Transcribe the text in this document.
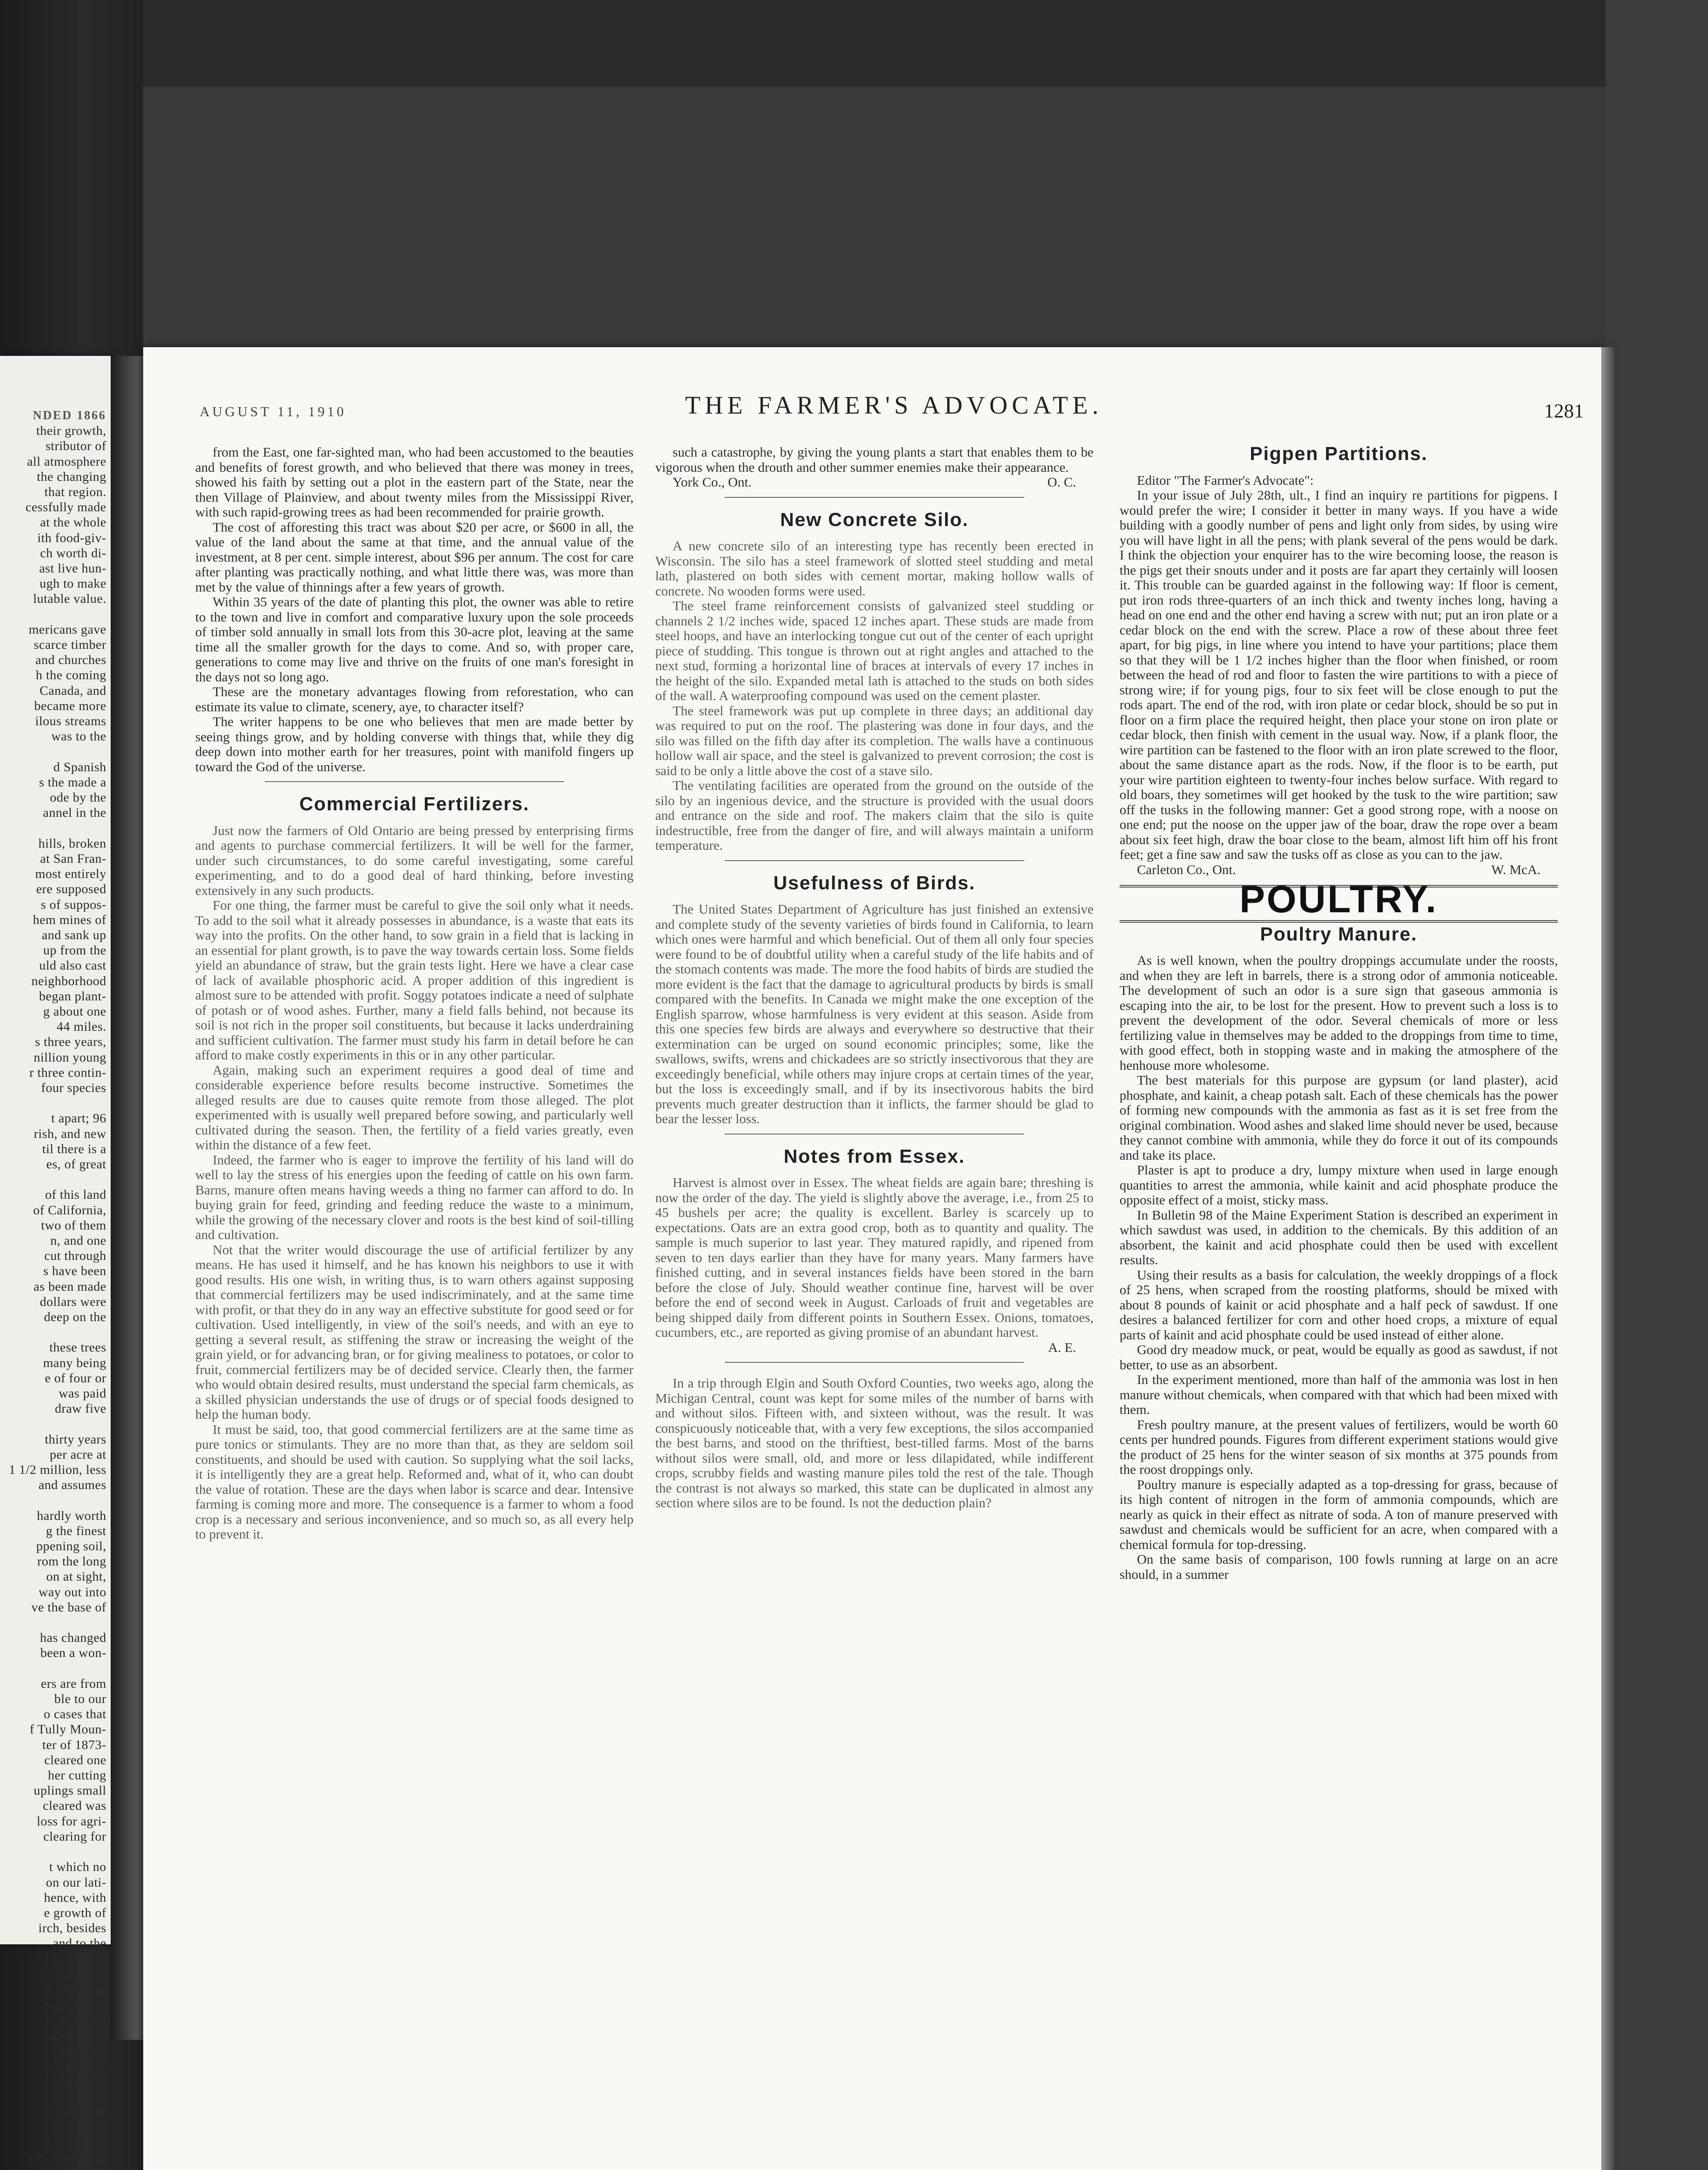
NDED 1866
their growth,
stributor of
all atmosphere
the changing
that region.
cessfully made
at the whole
ith food-giv-
ch worth di-
ast live hun-
ugh to make
lutable value.

mericans gave
scarce timber
and churches
h the coming
Canada, and
became more
ilous streams
was to the

d Spanish
s the made a
ode by the
annel in the

hills, broken
at San Fran-
most entirely
ere supposed
s of suppos-
hem mines of
and sank up
up from the
uld also cast
neighborhood
began plant-
g about one
44 miles.
s three years,
nillion young
r three contin-
four species

t apart; 96
rish, and new
til there is a
es, of great

of this land
of California,
two of them
n, and one
cut through
s have been
as been made
dollars were
deep on the

these trees
many being
e of four or
was paid
draw five

thirty years
per acre at
1 1/2 million, less
and assumes

hardly worth
g the finest
ppening soil,
rom the long
on at sight,
way out into
ve the base of

has changed
been a won-

ers are from
ble to our
o cases that
f Tully Moun-
ter of 1873-
cleared one
her cutting
uplings small
cleared was
loss for agri-
clearing for

t which no
on our lati-
hence, with
e growth of
irch, besides
and to the

no cares, in
s of timber
wees in the
er reserved
ures on an
escovall
s, had been
re from the

n good im-

grow oak of
rom mountains
AUGUST 11, 1910	THE FARMER'S ADVOCATE.	1281

from the East, one far-sighted man, who had been accustomed to the beauties and benefits of forest growth, and who believed that there was money in trees, showed his faith by setting out a plot in the eastern part of the State, near the then Village of Plainview, and about twenty miles from the Mississippi River, with such rapid-growing trees as had been recommended for prairie growth.

The cost of afforesting this tract was about $20 per acre, or $600 in all, the value of the land about the same at that time, and the annual value of the investment, at 8 per cent. simple interest, about $96 per annum. The cost for care after planting was practically nothing, and what little there was, was more than met by the value of thinnings after a few years of growth.

Within 35 years of the date of planting this plot, the owner was able to retire to the town and live in comfort and comparative luxury upon the sole proceeds of timber sold annually in small lots from this 30-acre plot, leaving at the same time all the smaller growth for the days to come. And so, with proper care, generations to come may live and thrive on the fruits of one man's foresight in the days not so long ago.

These are the monetary advantages flowing from reforestation, who can estimate its value to climate, scenery, aye, to character itself?

The writer happens to be one who believes that men are made better by seeing things grow, and by holding converse with things that, while they dig deep down into mother earth for her treasures, point with manifold fingers up toward the God of the universe.

Commercial Fertilizers.

Just now the farmers of Old Ontario are being pressed by enterprising firms and agents to purchase commercial fertilizers. It will be well for the farmer, under such circumstances, to do some careful investigating, some careful experimenting, and to do a good deal of hard thinking, before investing extensively in any such products.

For one thing, the farmer must be careful to give the soil only what it needs. To add to the soil what it already possesses in abundance, is a waste that eats its way into the profits. On the other hand, to sow grain in a field that is lacking in an essential for plant growth, is to pave the way towards certain loss. Some fields yield an abundance of straw, but the grain tests light. Here we have a clear case of lack of available phosphoric acid. A proper addition of this ingredient is almost sure to be attended with profit. Soggy potatoes indicate a need of sulphate of potash or of wood ashes. Further, many a field falls behind, not because its soil is not rich in the proper soil constituents, but because it lacks underdraining and sufficient cultivation. The farmer must study his farm in detail before he can afford to make costly experiments in this or in any other particular.

Again, making such an experiment requires a good deal of time and considerable experience before results become instructive. Sometimes the alleged results are due to causes quite remote from those alleged. The plot experimented with is usually well prepared before sowing, and particularly well cultivated during the season. Then, the fertility of a field varies greatly, even within the distance of a few feet.

Indeed, the farmer who is eager to improve the fertility of his land will do well to lay the stress of his energies upon the feeding of cattle on his own farm. Barns, manure often means having weeds a thing no farmer can afford to do. In buying grain for feed, grinding and feeding reduce the waste to a minimum, while the growing of the necessary clover and roots is the best kind of soil-tilling and cultivation.

Not that the writer would discourage the use of artificial fertilizer by any means. He has used it himself, and he has known his neighbors to use it with good results. His one wish, in writing thus, is to warn others against supposing that commercial fertilizers may be used indiscriminately, and at the same time with profit, or that they do in any way an effective substitute for good seed or for cultivation. Used intelligently, in view of the soil's needs, and with an eye to getting a several result, as stiffening the straw or increasing the weight of the grain yield, or for advancing bran, or for giving mealiness to potatoes, or color to fruit, commercial fertilizers may be of decided service. Clearly then, the farmer who would obtain desired results, must understand the special farm chemicals, as a skilled physician understands the use of drugs or of special foods designed to help the human body.

It must be said, too, that good commercial fertilizers are at the same time as pure tonics or stimulants. They are no more than that, as they are seldom soil constituents, and should be used with caution. So supplying what the soil lacks, it is intelligently they are a great help. Reformed and, what of it, who can doubt the value of rotation. These are the days when labor is scarce and dear. Intensive farming is coming more and more. The consequence is a farmer to whom a food crop is a necessary and serious inconvenience, and so much so, as all every help to prevent it.

such a catastrophe, by giving the young plants a start that enables them to be vigorous when the drouth and other summer enemies make their appearance.

York Co., Ont.	O. C.

New Concrete Silo.

A new concrete silo of an interesting type has recently been erected in Wisconsin. The silo has a steel framework of slotted steel studding and metal lath, plastered on both sides with cement mortar, making hollow walls of concrete. No wooden forms were used.

The steel frame reinforcement consists of galvanized steel studding or channels 2 1/2 inches wide, spaced 12 inches apart. These studs are made from steel hoops, and have an interlocking tongue cut out of the center of each upright piece of studding. This tongue is thrown out at right angles and attached to the next stud, forming a horizontal line of braces at intervals of every 17 inches in the height of the silo. Expanded metal lath is attached to the studs on both sides of the wall. A waterproofing compound was used on the cement plaster.

The steel framework was put up complete in three days; an additional day was required to put on the roof. The plastering was done in four days, and the silo was filled on the fifth day after its completion. The walls have a continuous hollow wall air space, and the steel is galvanized to prevent corrosion; the cost is said to be only a little above the cost of a stave silo.

The ventilating facilities are operated from the ground on the outside of the silo by an ingenious device, and the structure is provided with the usual doors and entrance on the side and roof. The makers claim that the silo is quite indestructible, free from the danger of fire, and will always maintain a uniform temperature.

Usefulness of Birds.

The United States Department of Agriculture has just finished an extensive and complete study of the seventy varieties of birds found in California, to learn which ones were harmful and which beneficial. Out of them all only four species were found to be of doubtful utility when a careful study of the life habits and of the stomach contents was made. The more the food habits of birds are studied the more evident is the fact that the damage to agricultural products by birds is small compared with the benefits. In Canada we might make the one exception of the English sparrow, whose harmfulness is very evident at this season. Aside from this one species few birds are always and everywhere so destructive that their extermination can be urged on sound economic principles; some, like the swallows, swifts, wrens and chickadees are so strictly insectivorous that they are exceedingly beneficial, while others may injure crops at certain times of the year, but the loss is exceedingly small, and if by its insectivorous habits the bird prevents much greater destruction than it inflicts, the farmer should be glad to bear the lesser loss.

Notes from Essex.

Harvest is almost over in Essex. The wheat fields are again bare; threshing is now the order of the day. The yield is slightly above the average, i.e., from 25 to 45 bushels per acre; the quality is excellent. Barley is scarcely up to expectations. Oats are an extra good crop, both as to quantity and quality. The sample is much superior to last year. They matured rapidly, and ripened from seven to ten days earlier than they have for many years. Many farmers have finished cutting, and in several instances fields have been stored in the barn before the close of July. Should weather continue fine, harvest will be over before the end of second week in August. Carloads of fruit and vegetables are being shipped daily from different points in Southern Essex. Onions, tomatoes, cucumbers, etc., are reported as giving promise of an abundant harvest.

A. E.

In a trip through Elgin and South Oxford Counties, two weeks ago, along the Michigan Central, count was kept for some miles of the number of barns with and without silos. Fifteen with, and sixteen without, was the result. It was conspicuously noticeable that, with a very few exceptions, the silos accompanied the best barns, and stood on the thriftiest, best-tilled farms. Most of the barns without silos were small, old, and more or less dilapidated, while indifferent crops, scrubby fields and wasting manure piles told the rest of the tale. Though the contrast is not always so marked, this state can be duplicated in almost any section where silos are to be found. Is not the deduction plain?

Pigpen Partitions.

Editor "The Farmer's Advocate":

In your issue of July 28th, ult., I find an inquiry re partitions for pigpens. I would prefer the wire; I consider it better in many ways. If you have a wide building with a goodly number of pens and light only from sides, by using wire you will have light in all the pens; with plank several of the pens would be dark. I think the objection your enquirer has to the wire becoming loose, the reason is the pigs get their snouts under and it posts are far apart they certainly will loosen it. This trouble can be guarded against in the following way: If floor is cement, put iron rods three-quarters of an inch thick and twenty inches long, having a head on one end and the other end having a screw with nut; put an iron plate or a cedar block on the end with the screw. Place a row of these about three feet apart, for big pigs, in line where you intend to have your partitions; place them so that they will be 1 1/2 inches higher than the floor when finished, or room between the head of rod and floor to fasten the wire partitions to with a piece of strong wire; if for young pigs, four to six feet will be close enough to put the rods apart. The end of the rod, with iron plate or cedar block, should be so put in floor on a firm place the required height, then place your stone on iron plate or cedar block, then finish with cement in the usual way. Now, if a plank floor, the wire partition can be fastened to the floor with an iron plate screwed to the floor, about the same distance apart as the rods. Now, if the floor is to be earth, put your wire partition eighteen to twenty-four inches below surface. With regard to old boars, they sometimes will get hooked by the tusk to the wire partition; saw off the tusks in the following manner: Get a good strong rope, with a noose on one end; put the noose on the upper jaw of the boar, draw the rope over a beam about six feet high, draw the boar close to the beam, almost lift him off his front feet; get a fine saw and saw the tusks off as close as you can to the jaw.

Carleton Co., Ont.	W. McA.

POULTRY.
Poultry Manure.

As is well known, when the poultry droppings accumulate under the roosts, and when they are left in barrels, there is a strong odor of ammonia noticeable. The development of such an odor is a sure sign that gaseous ammonia is escaping into the air, to be lost for the present. How to prevent such a loss is to prevent the development of the odor. Several chemicals of more or less fertilizing value in themselves may be added to the droppings from time to time, with good effect, both in stopping waste and in making the atmosphere of the henhouse more wholesome.

The best materials for this purpose are gypsum (or land plaster), acid phosphate, and kainit, a cheap potash salt. Each of these chemicals has the power of forming new compounds with the ammonia as fast as it is set free from the original combination. Wood ashes and slaked lime should never be used, because they cannot combine with ammonia, while they do force it out of its compounds and take its place.

Plaster is apt to produce a dry, lumpy mixture when used in large enough quantities to arrest the ammonia, while kainit and acid phosphate produce the opposite effect of a moist, sticky mass.

In Bulletin 98 of the Maine Experiment Station is described an experiment in which sawdust was used, in addition to the chemicals. By this addition of an absorbent, the kainit and acid phosphate could then be used with excellent results.

Using their results as a basis for calculation, the weekly droppings of a flock of 25 hens, when scraped from the roosting platforms, should be mixed with about 8 pounds of kainit or acid phosphate and a half peck of sawdust. If one desires a balanced fertilizer for corn and other hoed crops, a mixture of equal parts of kainit and acid phosphate could be used instead of either alone.

Good dry meadow muck, or peat, would be equally as good as sawdust, if not better, to use as an absorbent.

In the experiment mentioned, more than half of the ammonia was lost in hen manure without chemicals, when compared with that which had been mixed with them.

Fresh poultry manure, at the present values of fertilizers, would be worth 60 cents per hundred pounds. Figures from different experiment stations would give the product of 25 hens for the winter season of six months at 375 pounds from the roost droppings only.

Poultry manure is especially adapted as a top-dressing for grass, because of its high content of nitrogen in the form of ammonia compounds, which are nearly as quick in their effect as nitrate of soda. A ton of manure preserved with sawdust and chemicals would be sufficient for an acre, when compared with a chemical formula for top-dressing.

On the same basis of comparison, 100 fowls running at large on an acre should, in a summer
